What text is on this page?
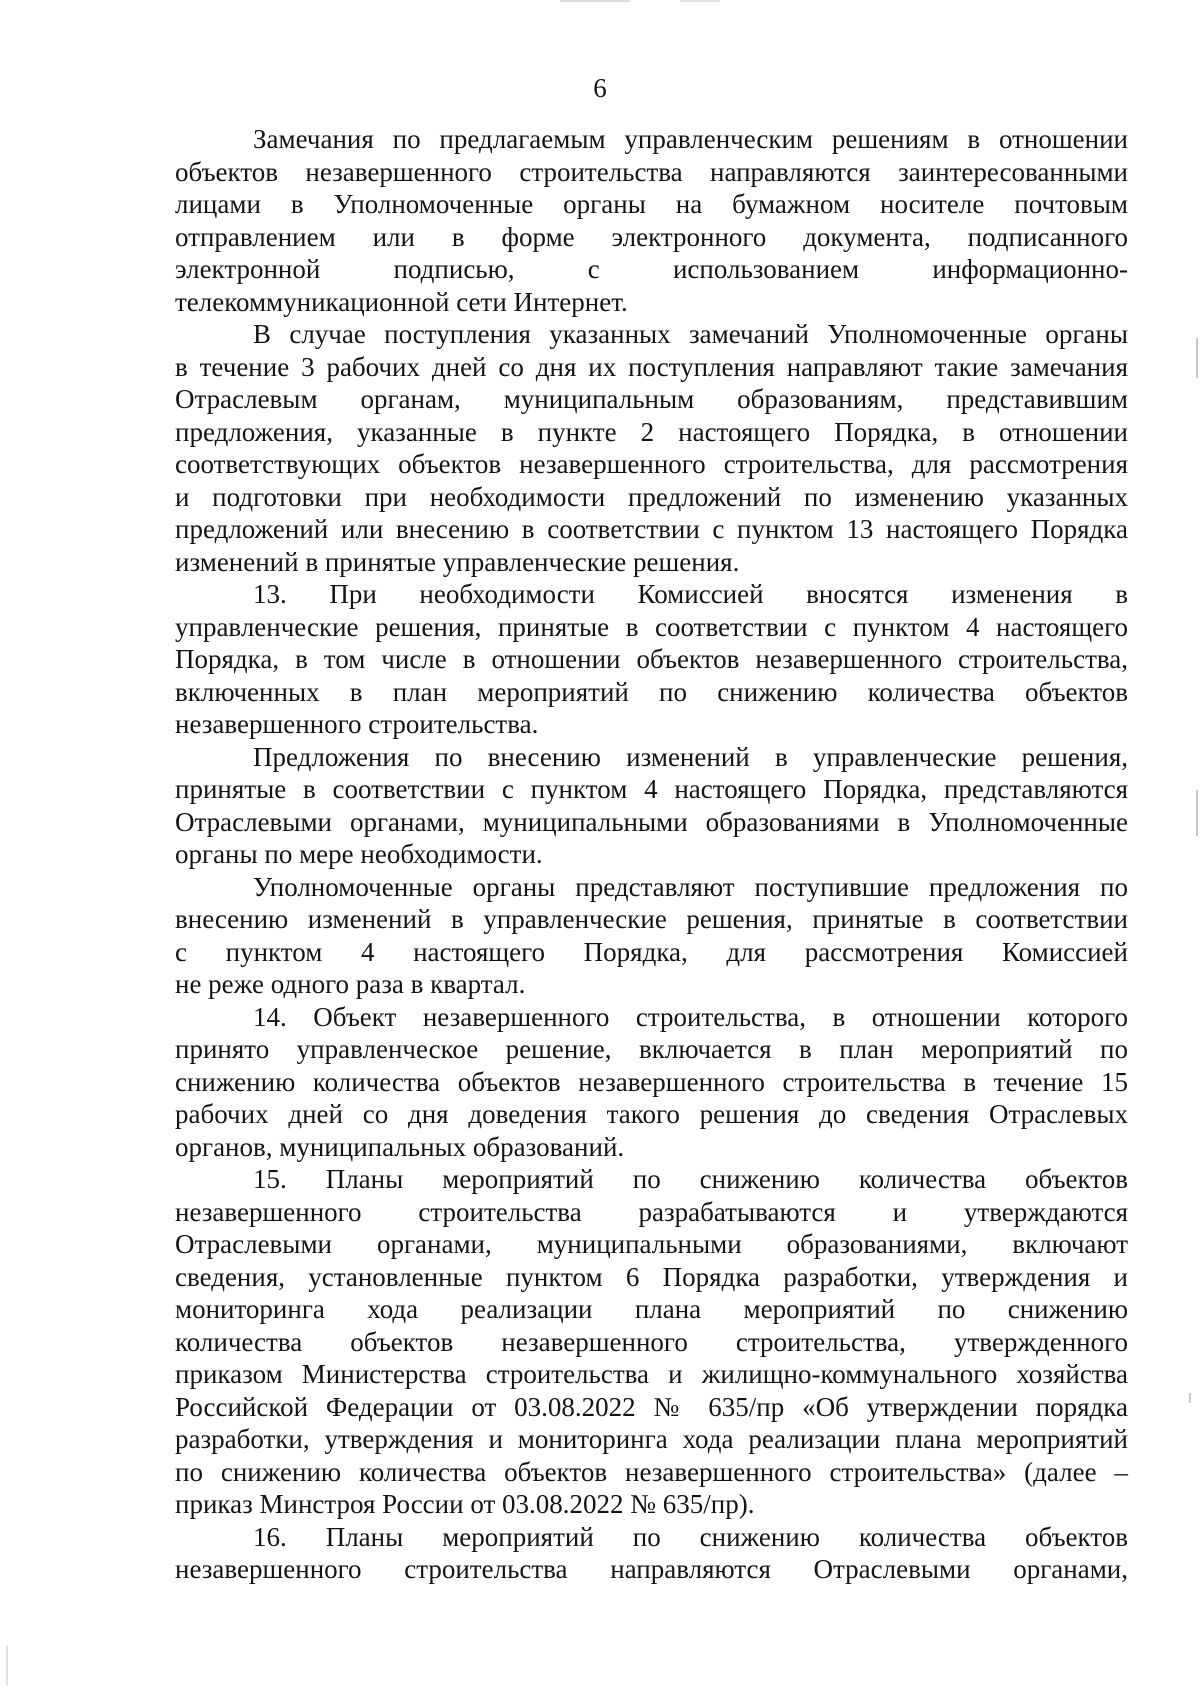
6
Замечания по предлагаемым управленческим решениям в отношении
объектов незавершенного строительства направляются заинтересованными
лицами в Уполномоченные органы на бумажном носителе почтовым
отправлением или в форме электронного документа, подписанного
электронной подписью, с использованием информационно-
телекоммуникационной сети Интернет.
В случае поступления указанных замечаний Уполномоченные органы
в течение 3 рабочих дней со дня их поступления направляют такие замечания
Отраслевым органам, муниципальным образованиям, представившим
предложения, указанные в пункте 2 настоящего Порядка, в отношении
соответствующих объектов незавершенного строительства, для рассмотрения
и подготовки при необходимости предложений по изменению указанных
предложений или внесению в соответствии с пунктом 13 настоящего Порядка
изменений в принятые управленческие решения.
13. При необходимости Комиссией вносятся изменения в
управленческие решения, принятые в соответствии с пунктом 4 настоящего
Порядка, в том числе в отношении объектов незавершенного строительства,
включенных в план мероприятий по снижению количества объектов
незавершенного строительства.
Предложения по внесению изменений в управленческие решения,
принятые в соответствии с пунктом 4 настоящего Порядка, представляются
Отраслевыми органами, муниципальными образованиями в Уполномоченные
органы по мере необходимости.
Уполномоченные органы представляют поступившие предложения по
внесению изменений в управленческие решения, принятые в соответствии
с пунктом 4 настоящего Порядка, для рассмотрения Комиссией
не реже одного раза в квартал.
14. Объект незавершенного строительства, в отношении которого
принято управленческое решение, включается в план мероприятий по
снижению количества объектов незавершенного строительства в течение 15
рабочих дней со дня доведения такого решения до сведения Отраслевых
органов, муниципальных образований.
15. Планы мероприятий по снижению количества объектов
незавершенного строительства разрабатываются и утверждаются
Отраслевыми органами, муниципальными образованиями, включают
сведения, установленные пунктом 6 Порядка разработки, утверждения и
мониторинга хода реализации плана мероприятий по снижению
количества объектов незавершенного строительства, утвержденного
приказом Министерства строительства и жилищно-коммунального хозяйства
Российской Федерации от 03.08.2022 № 635/пр «Об утверждении порядка
разработки, утверждения и мониторинга хода реализации плана мероприятий
по снижению количества объектов незавершенного строительства» (далее –
приказ Минстроя России от 03.08.2022 № 635/пр).
16. Планы мероприятий по снижению количества объектов
незавершенного строительства направляются Отраслевыми органами,
